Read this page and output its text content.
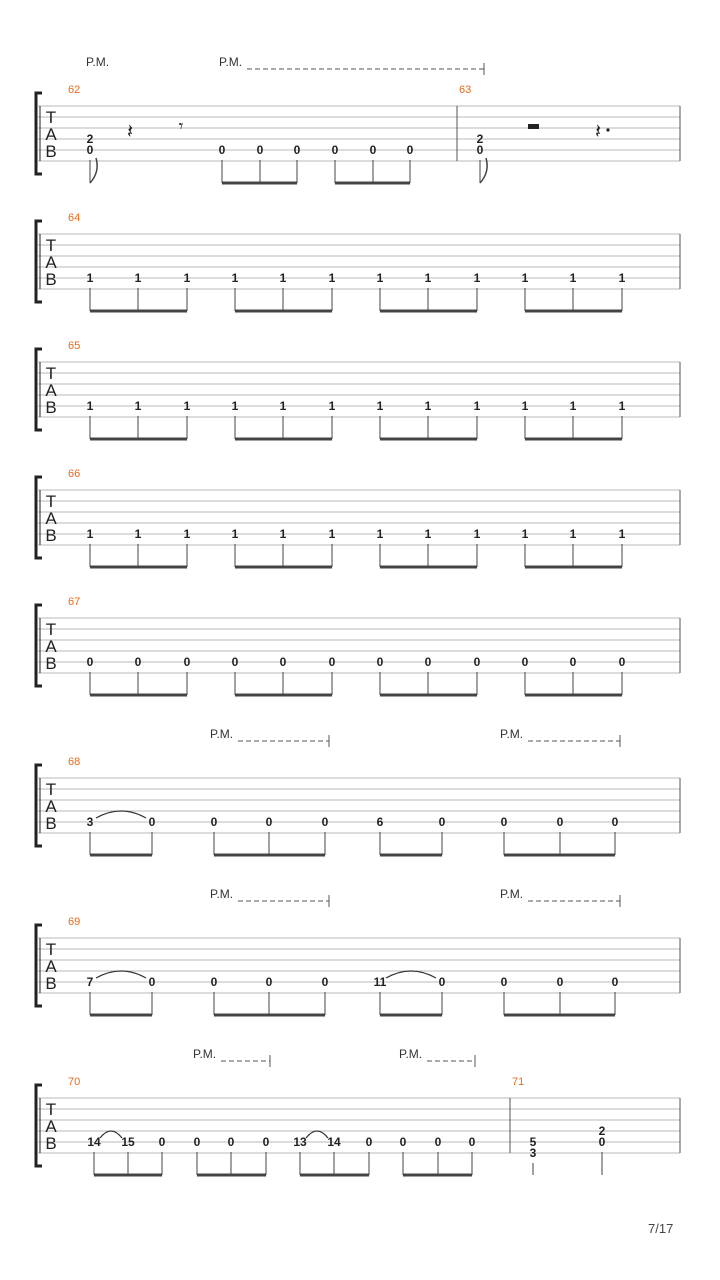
T
A
B
62
2
0	0	0	0	0	0	0
𝄽	𝄾
63
2
0
𝄽
P.M.	P.M.
T
A
B
64
1	1	1	1	1	1	1	1	1	1	1	1
T
A
B
65
1	1	1	1	1	1	1	1	1	1	1	1
T
A
B
66
1	1	1	1	1	1	1	1	1	1	1	1
T
A
B
67
0	0	0	0	0	0	0	0	0	0	0	0
T
A
B
68
3	0	0	0	0	6	0	0	0	0
P.M.	P.M.
T
A
B
69
7	0	0	0	0	11	0	0	0	0
P.M.	P.M.
T
A
B
70
14 15 0 0 0 0 13 14 0 0 0 0
71
5
3
2
0
P.M.	P.M.
7/17
